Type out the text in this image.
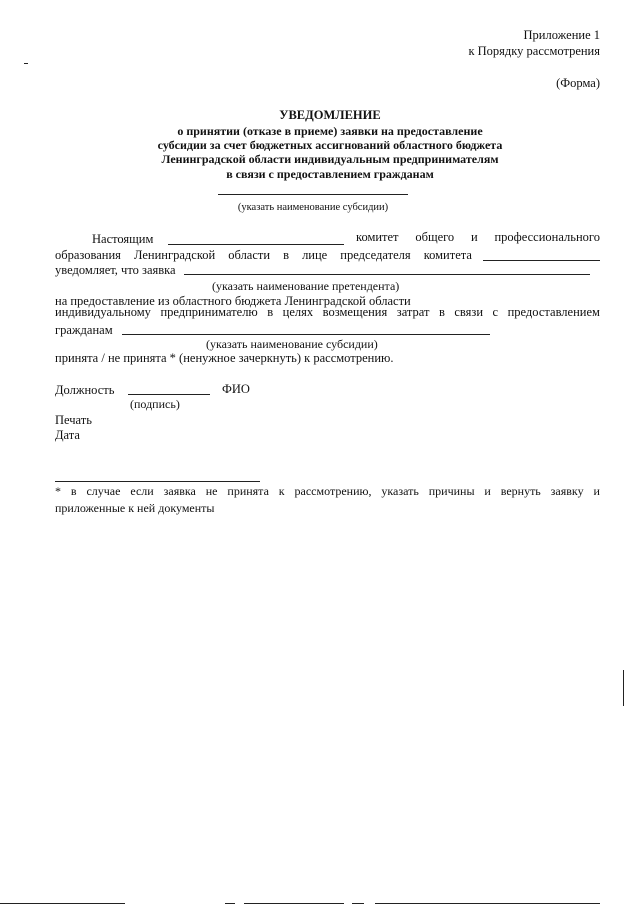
Приложение 1
к Порядку рассмотрения
(Форма)
УВЕДОМЛЕНИЕ
о принятии (отказе в приеме) заявки на предоставление
субсидии за счет бюджетных ассигнований областного бюджета
Ленинградской области индивидуальным предпринимателям
в связи с предоставлением гражданам
(указать наименование субсидии)
Настоящим	комитет общего и профессионального
образования Ленинградской области в лице председателя комитета
уведомляет, что заявка
(указать наименование претендента)
на предоставление из областного бюджета Ленинградской области
индивидуальному предпринимателю в целях возмещения затрат в связи с предоставлением
гражданам
(указать наименование субсидии)
принята / не принята * (ненужное зачеркнуть) к рассмотрению.
Должность	ФИО
(подпись)
Печать
Дата
* в случае если заявка не принята к рассмотрению, указать причины и вернуть заявку и
приложенные к ней документы
